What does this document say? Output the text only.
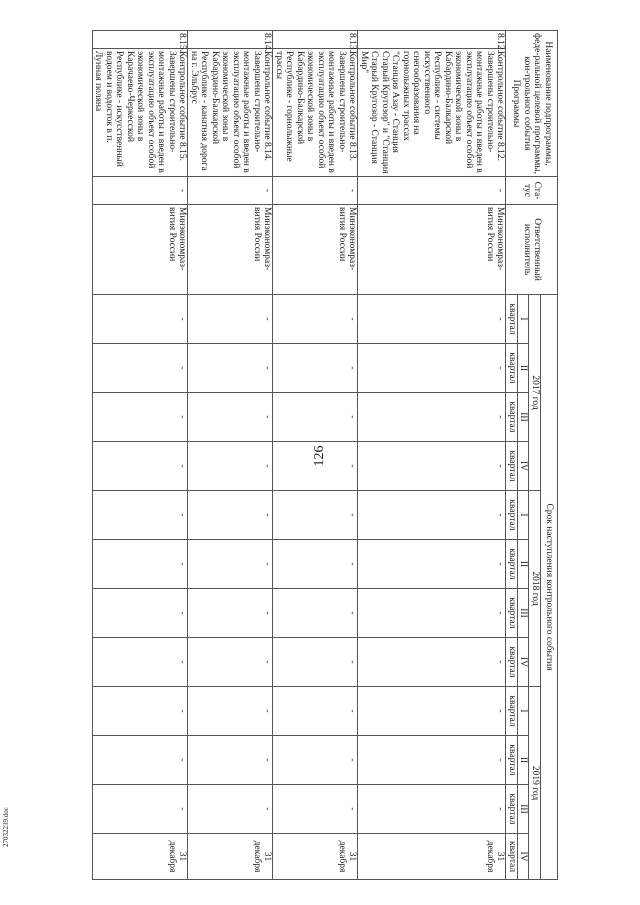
126
27032239.doc
Наименование подпрограммы, феде-ральной целевой программы, кон-трольного события Программы		Ста-тус	Ответственный исполнитель	Срок наступления контрольного события											
				2017 год				2018 год				2019 год			
				I	II	III	IV	I	II	III	IV	I	II	III	IV
				квартал	квартал	квартал	квартал	квартал	квартал	квартал	квартал	квартал	квартал	квартал	квартал
8.12.	Контрольное событие 8.12. Завершены строительно-монтажные работы и введен в эксплуатацию объект особой экономической зоны в Кабардино-Балкарской Республике - системы искусственного снегообразования на горнолыжных трассах "Станция Азау - Станция Старый Кругозор" и "Станция Старый Кругозор - Станция Мир"	-	Минэкономраз-вития России	-	-	-	-	-	-	-	-	-	-	-	31 декабря
8.13.	Контрольное событие 8.13. Завершены строительно-монтажные работы и введен в эксплуатацию объект особой экономической зоны в Кабардино-Балкарской Республике - горнолыжные трассы	-	Минэкономраз-вития России	-	-	-	-	-	-	-	-	-	-	-	31 декабря
8.14.	Контрольное событие 8.14. Завершены строительно-монтажные работы и введен в эксплуатацию объект особой экономической зоны в Кабардино-Балкарской Республике - канатная дорога на г. Эльбрус	-	Минэкономраз-вития России	-	-	-	-	-	-	-	-	-	-	-	31 декабря
8.15.	Контрольное событие 8.15. Завершены строительно-монтажные работы и введен в эксплуатацию объект особой экономической зоны в Карачаево-Черкесской Республике - искусственный водоем и водосток в п. Лунная поляна	-	Минэкономраз-вития России	-	-	-	-	-	-	-	-	-	-	-	31 декабря
